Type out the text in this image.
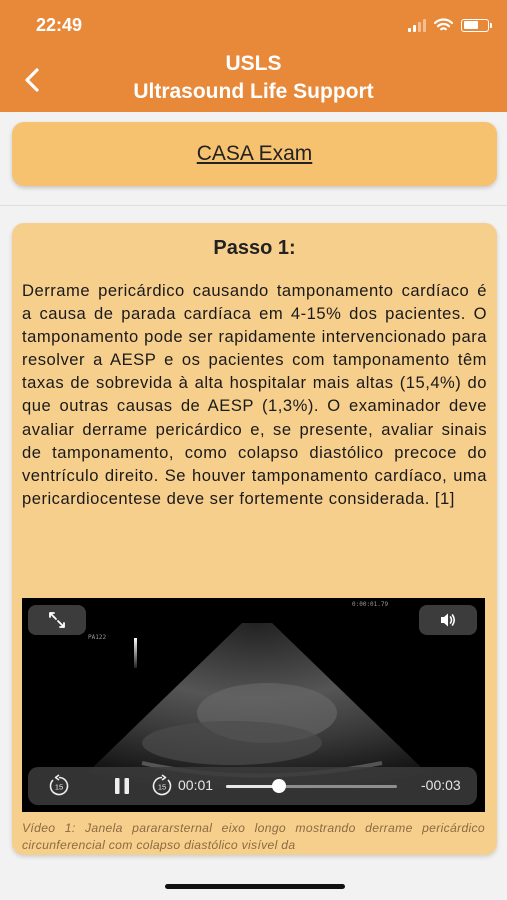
22:49
USLS
Ultrasound Life Support
CASA Exam
Passo 1:
Derrame pericárdico causando tamponamento cardíaco é a causa de parada cardíaca em 4-15% dos pacientes. O tamponamento pode ser rapidamente intervencionado para resolver a AESP e os pacientes com tamponamento têm taxas de sobrevida à alta hospitalar mais altas (15,4%) do que outras causas de AESP (1,3%). O examinador deve avaliar derrame pericárdico e, se presente, avaliar sinais de tamponamento, como colapso diastólico precoce do ventrículo direito. Se houver tamponamento cardíaco, uma pericardiocentese deve ser fortemente considerada. [1]
PA122
0:00:01.79
15	15 00:01	-00:03
Vídeo 1: Janela parararsternal eixo longo mostrando derrame pericárdico circunferencial com colapso diastólico visível da
